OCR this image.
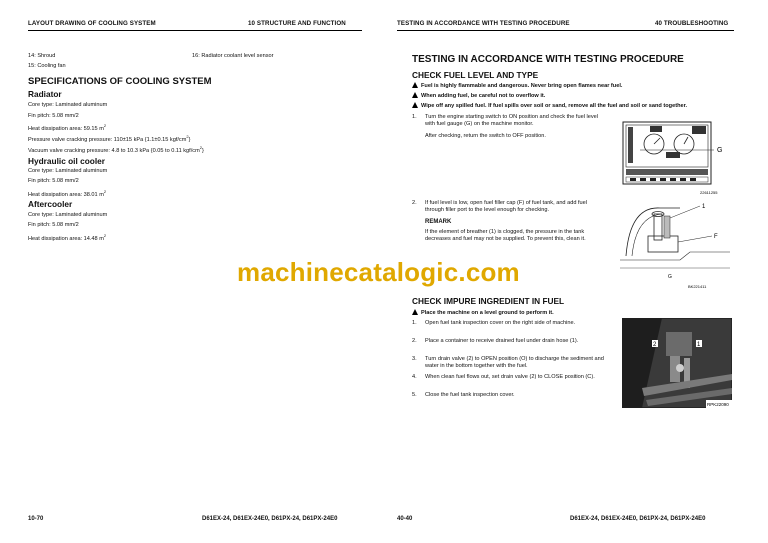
LAYOUT DRAWING OF COOLING SYSTEM	10 STRUCTURE AND FUNCTION
14: Shroud
15: Cooling fan
16: Radiator coolant level sensor
SPECIFICATIONS OF COOLING SYSTEM
Radiator
Core type: Laminated aluminum
Fin pitch: 5.08 mm/2
Heat dissipation area: 59.15 $m^2$
Pressure valve cracking pressure: 110±15 kPa {1.1±0.15 kgf/$cm^2$}
Vacuum valve cracking pressure: 4.8 to 10.3 kPa {0.05 to 0.11 kgf/$cm^2$}
Hydraulic oil cooler
Core type: Laminated aluminum
Fin pitch: 5.08 mm/2
Heat dissipation area: 38.01 $m^2$
Aftercooler
Core type: Laminated aluminum
Fin pitch: 5.08 mm/2
Heat dissipation area: 14.48 $m^2$
10-70	D61EX-24, D61EX-24E0, D61PX-24, D61PX-24E0
TESTING IN ACCORDANCE WITH TESTING PROCEDURE	40 TROUBLESHOOTING
TESTING IN ACCORDANCE WITH TESTING PROCEDURE
CHECK FUEL LEVEL AND TYPE
Fuel is highly flammable and dangerous. Never bring open flames near fuel.
When adding fuel, be careful not to overflow it.
Wipe off any spilled fuel. If fuel spills over soil or sand, remove all the fuel and soil or sand together.
1. Turn the engine starting switch to ON position and check the fuel level with fuel gauge (G) on the machine monitor.
After checking, return the switch to OFF position.
G
22611255
2. If fuel level is low, open fuel filler cap (F) of fuel tank, and add fuel through filler port to the level enough for checking.
REMARK
If the element of breather (1) is clogged, the pressure in the tank decreases and fuel may not be supplied. To prevent this, clean it.
1
F
G
BK221411
CHECK IMPURE INGREDIENT IN FUEL
Place the machine on a level ground to perform it.
1. Open fuel tank inspection cover on the right side of machine.
2. Place a container to receive drained fuel under drain hose (1).
3. Turn drain valve (2) to OPEN position (O) to discharge the sediment and water in the bottom together with the fuel.
4. When clean fuel flows out, set drain valve (2) to CLOSE position (C).
5. Close the fuel tank inspection cover.
2	1
RPK22090
40-40	D61EX-24, D61EX-24E0, D61PX-24, D61PX-24E0
machinecatalogic.com
